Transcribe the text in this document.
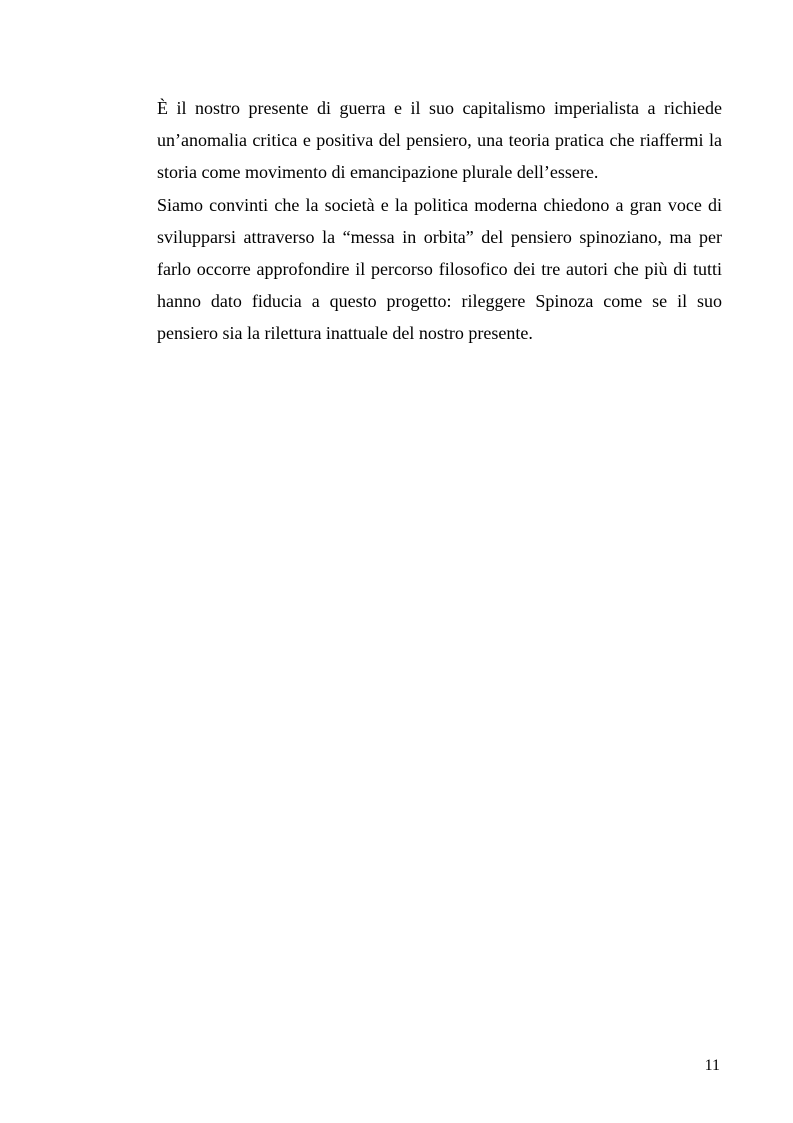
È il nostro presente di guerra e il suo capitalismo imperialista a richiede un’anomalia critica e positiva del pensiero, una teoria pratica che riaffermi la storia come movimento di emancipazione plurale dell’essere.

Siamo convinti che la società e la politica moderna chiedono a gran voce di svilupparsi attraverso la “messa in orbita” del pensiero spinoziano, ma per farlo occorre approfondire il percorso filosofico dei tre autori che più di tutti hanno dato fiducia a questo progetto: rileggere Spinoza come se il suo pensiero sia la rilettura inattuale del nostro presente.

11
